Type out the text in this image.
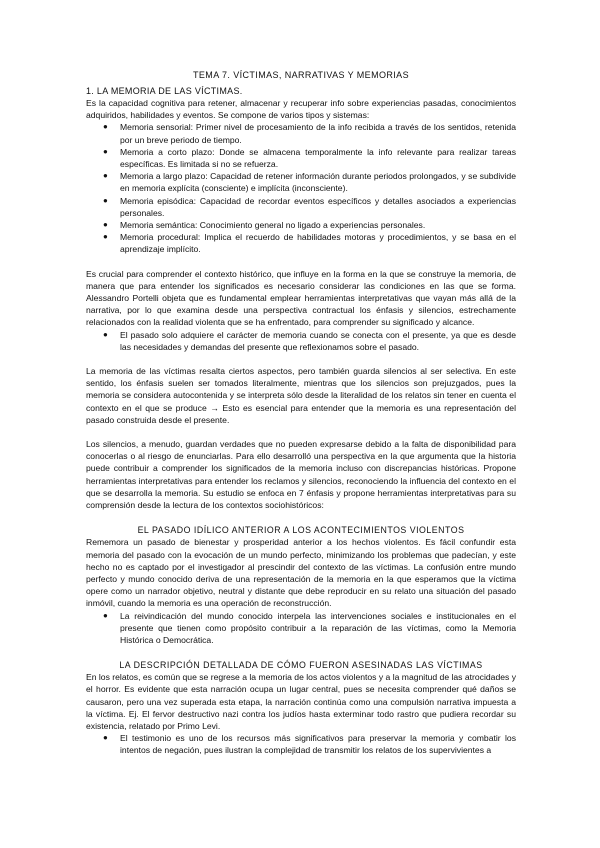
TEMA 7. VÍCTIMAS, NARRATIVAS Y MEMORIAS
1. LA MEMORIA DE LAS VÍCTIMAS.

Es la capacidad cognitiva para retener, almacenar y recuperar info sobre experiencias pasadas, conocimientos adquiridos, habilidades y eventos. Se compone de varios tipos y sistemas:

● Memoria sensorial: Primer nivel de procesamiento de la info recibida a través de los sentidos, retenida por un breve periodo de tiempo.
● Memoria a corto plazo: Donde se almacena temporalmente la info relevante para realizar tareas específicas. Es limitada si no se refuerza.
● Memoria a largo plazo: Capacidad de retener información durante periodos prolongados, y se subdivide en memoria explícita (consciente) e implícita (inconsciente).
● Memoria episódica: Capacidad de recordar eventos específicos y detalles asociados a experiencias personales.
● Memoria semántica: Conocimiento general no ligado a experiencias personales.
● Memoria procedural: Implica el recuerdo de habilidades motoras y procedimientos, y se basa en el aprendizaje implícito.

Es crucial para comprender el contexto histórico, que influye en la forma en la que se construye la memoria, de manera que para entender los significados es necesario considerar las condiciones en las que se forma. Alessandro Portelli objeta que es fundamental emplear herramientas interpretativas que vayan más allá de la narrativa, por lo que examina desde una perspectiva contractual los énfasis y silencios, estrechamente relacionados con la realidad violenta que se ha enfrentado, para comprender su significado y alcance.

● El pasado solo adquiere el carácter de memoria cuando se conecta con el presente, ya que es desde las necesidades y demandas del presente que reflexionamos sobre el pasado.

La memoria de las víctimas resalta ciertos aspectos, pero también guarda silencios al ser selectiva. En este sentido, los énfasis suelen ser tomados literalmente, mientras que los silencios son prejuzgados, pues la memoria se considera autocontenida y se interpreta sólo desde la literalidad de los relatos sin tener en cuenta el contexto en el que se produce → Esto es esencial para entender que la memoria es una representación del pasado construida desde el presente.

Los silencios, a menudo, guardan verdades que no pueden expresarse debido a la falta de disponibilidad para conocerlas o al riesgo de enunciarlas. Para ello desarrolló una perspectiva en la que argumenta que la historia puede contribuir a comprender los significados de la memoria incluso con discrepancias históricas. Propone herramientas interpretativas para entender los reclamos y silencios, reconociendo la influencia del contexto en el que se desarrolla la memoria. Su estudio se enfoca en 7 énfasis y propone herramientas interpretativas para su comprensión desde la lectura de los contextos sociohistóricos:

EL PASADO IDÍLICO ANTERIOR A LOS ACONTECIMIENTOS VIOLENTOS

Rememora un pasado de bienestar y prosperidad anterior a los hechos violentos. Es fácil confundir esta memoria del pasado con la evocación de un mundo perfecto, minimizando los problemas que padecían, y este hecho no es captado por el investigador al prescindir del contexto de las víctimas. La confusión entre mundo perfecto y mundo conocido deriva de una representación de la memoria en la que esperamos que la víctima opere como un narrador objetivo, neutral y distante que debe reproducir en su relato una situación del pasado inmóvil, cuando la memoria es una operación de reconstrucción.

● La reivindicación del mundo conocido interpela las intervenciones sociales e institucionales en el presente que tienen como propósito contribuir a la reparación de las víctimas, como la Memoria Histórica o Democrática.
LA DESCRIPCIÓN DETALLADA DE CÓMO FUERON ASESINADAS LAS VÍCTIMAS

En los relatos, es común que se regrese a la memoria de los actos violentos y a la magnitud de las atrocidades y el horror. Es evidente que esta narración ocupa un lugar central, pues se necesita comprender qué daños se causaron, pero una vez superada esta etapa, la narración continúa como una compulsión narrativa impuesta a la víctima. Ej. El fervor destructivo nazi contra los judíos hasta exterminar todo rastro que pudiera recordar su existencia, relatado por Primo Levi.

● El testimonio es uno de los recursos más significativos para preservar la memoria y combatir los intentos de negación, pues ilustran la complejidad de transmitir los relatos de los supervivientes a
